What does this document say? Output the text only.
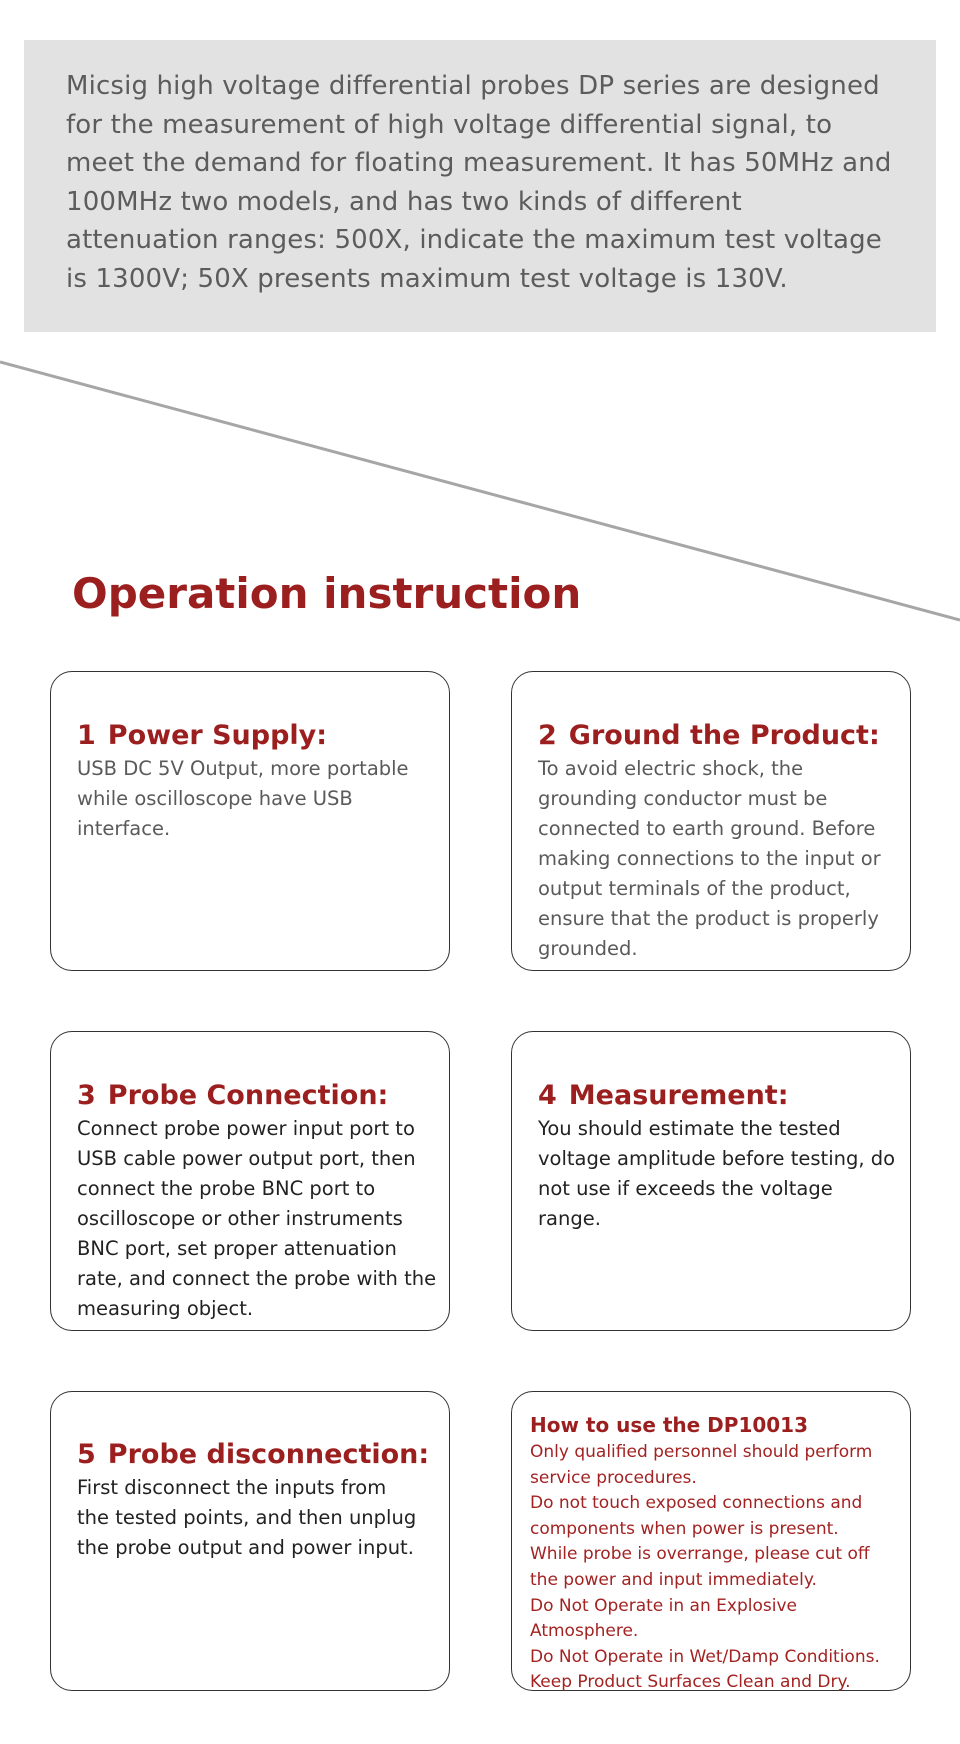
Micsig high voltage differential probes DP series are designed for the measurement of high voltage differential signal, to meet the demand for floating measurement. It has 50MHz and 100MHz two models, and has two kinds of different attenuation ranges: 500X, indicate the maximum test voltage is 1300V; 50X presents maximum test voltage is 130V.

Operation instruction
1 Power Supply:

USB DC 5V Output, more portable while oscilloscope have USB interface.

2 Ground the Product:

To avoid electric shock, the grounding conductor must be connected to earth ground. Before making connections to the input or output terminals of the product, ensure that the product is properly grounded.

3 Probe Connection:

Connect probe power input port to USB cable power output port, then connect the probe BNC port to oscilloscope or other instruments BNC port, set proper attenuation rate, and connect the probe with the measuring object.

4 Measurement:

You should estimate the tested voltage amplitude before testing, do not use if exceeds the voltage range.

5 Probe disconnection:

First disconnect the inputs from the tested points, and then unplug the probe output and power input.

How to use the DP10013
Only qualified personnel should perform
service procedures.
Do not touch exposed connections and
components when power is present.
While probe is overrange, please cut off
the power and input immediately.
Do Not Operate in an Explosive Atmosphere.
Do Not Operate in Wet/Damp Conditions.
Keep Product Surfaces Clean and Dry.
